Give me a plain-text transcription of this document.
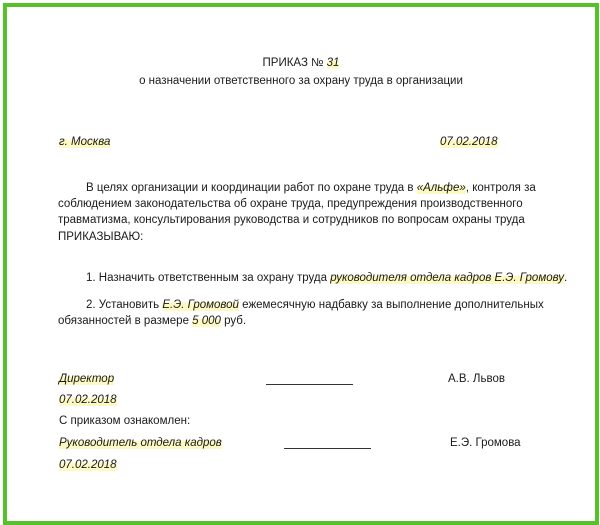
ПРИКАЗ № 31
о назначении ответственного за охрану труда в организации
г. Москва	07.02.2018
В целях организации и координации работ по охране труда в «Альфе», контроля за
соблюдением законодательства об охране труда, предупреждения производственного
травматизма, консультирования руководства и сотрудников по вопросам охраны труда
ПРИКАЗЫВАЮ:
1. Назначить ответственным за охрану труда руководителя отдела кадров Е.Э. Громову.
2. Установить Е.Э. Громовой ежемесячную надбавку за выполнение дополнительных
обязанностей в размере 5 000 руб.
Директор	А.В. Львов
07.02.2018
С приказом ознакомлен:
Руководитель отдела кадров	Е.Э. Громова
07.02.2018
